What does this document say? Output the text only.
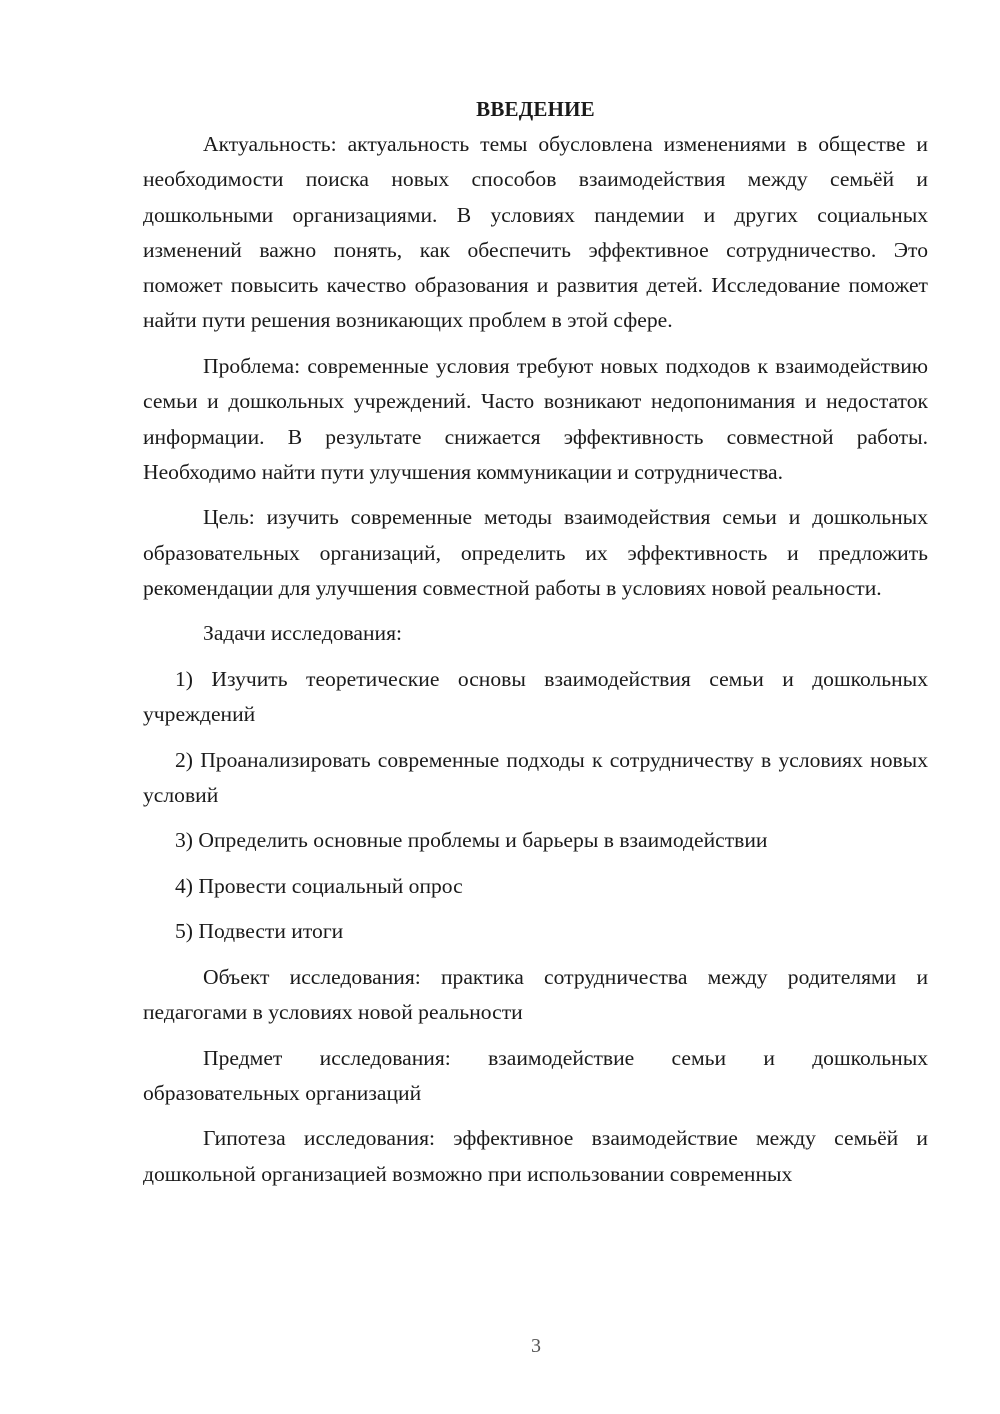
ВВЕДЕНИЕ

Актуальность: актуальность темы обусловлена изменениями в обществе и необходимости поиска новых способов взаимодействия между семьёй и дошкольными организациями. В условиях пандемии и других социальных изменений важно понять, как обеспечить эффективное сотрудничество. Это поможет повысить качество образования и развития детей. Исследование поможет найти пути решения возникающих проблем в этой сфере.

Проблема: современные условия требуют новых подходов к взаимодействию семьи и дошкольных учреждений. Часто возникают недопонимания и недостаток информации. В результате снижается эффективность совместной работы. Необходимо найти пути улучшения коммуникации и сотрудничества.

Цель: изучить современные методы взаимодействия семьи и дошкольных образовательных организаций, определить их эффективность и предложить рекомендации для улучшения совместной работы в условиях новой реальности.

Задачи исследования:

1) Изучить теоретические основы взаимодействия семьи и дошкольных учреждений

2) Проанализировать современные подходы к сотрудничеству в условиях новых условий

3) Определить основные проблемы и барьеры в взаимодействии

4) Провести социальный опрос

5) Подвести итоги

Объект исследования: практика сотрудничества между родителями и педагогами в условиях новой реальности

Предмет исследования: взаимодействие семьи и дошкольных образовательных организаций

Гипотеза исследования: эффективное взаимодействие между семьёй и дошкольной организацией возможно при использовании современных

3
